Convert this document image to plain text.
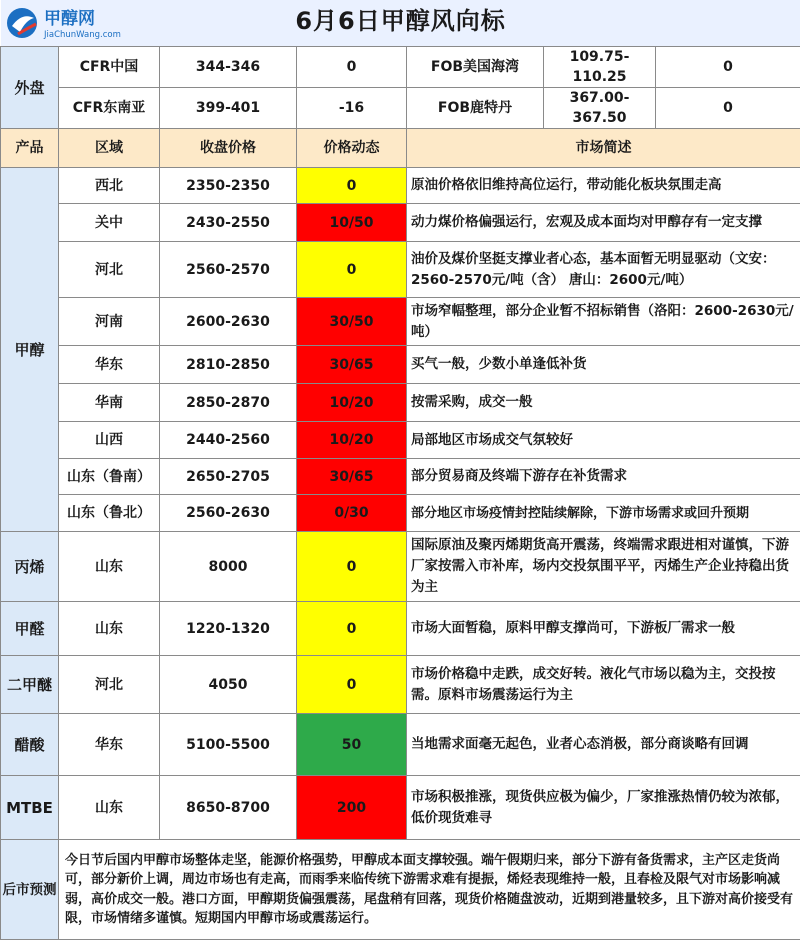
甲醇网
JiaChunWang.com	6月6日甲醇风向标						
外盘	CFR中国	344-346	0	FOB美国海湾	109.75-110.25	0
	CFR东南亚	399-401	-16	FOB鹿特丹	367.00-367.50	0
产品	区域	收盘价格	价格动态	市场简述		
甲醇	西北	2350-2350	0	原油价格依旧维持高位运行，带动能化板块氛围走高		
	关中	2430-2550	10/50	动力煤价格偏强运行，宏观及成本面均对甲醇存有一定支撑		
	河北	2560-2570	0	油价及煤价坚挺支撑业者心态，基本面暂无明显驱动（文安：2560-2570元/吨（含） 唐山：2600元/吨）		
	河南	2600-2630	30/50	市场窄幅整理，部分企业暂不招标销售（洛阳：2600-2630元/吨）		
	华东	2810-2850	30/65	买气一般，少数小单逢低补货		
	华南	2850-2870	10/20	按需采购，成交一般		
	山西	2440-2560	10/20	局部地区市场成交气氛较好		
	山东（鲁南）	2650-2705	30/65	部分贸易商及终端下游存在补货需求		
	山东（鲁北）	2560-2630	0/30	部分地区市场疫情封控陆续解除，下游市场需求或回升预期		
丙烯	山东	8000	0	国际原油及聚丙烯期货高开震荡，终端需求跟进相对谨慎，下游厂家按需入市补库，场内交投氛围平平，丙烯生产企业持稳出货为主		
甲醛	山东	1220-1320	0	市场大面暂稳，原料甲醇支撑尚可，下游板厂需求一般		
二甲醚	河北	4050	0	市场价格稳中走跌，成交好转。液化气市场以稳为主，交投按需。原料市场震荡运行为主		
醋酸	华东	5100-5500	50	当地需求面毫无起色，业者心态消极，部分商谈略有回调		
MTBE	山东	8650-8700	200	市场积极推涨，现货供应极为偏少，厂家推涨热情仍较为浓郁，低价现货难寻		
后市预测	今日节后国内甲醇市场整体走坚，能源价格强势，甲醇成本面支撑较强。端午假期归来，部分下游有备货需求，主产区走货尚可，部分新价上调，周边市场也有走高，而雨季来临传统下游需求难有提振，烯烃表现维持一般，且春检及限气对市场影响减弱，高价成交一般。港口方面，甲醇期货偏强震荡，尾盘稍有回落，现货价格随盘波动，近期到港量较多，且下游对高价接受有限，市场情绪多谨慎。短期国内甲醇市场或震荡运行。					
